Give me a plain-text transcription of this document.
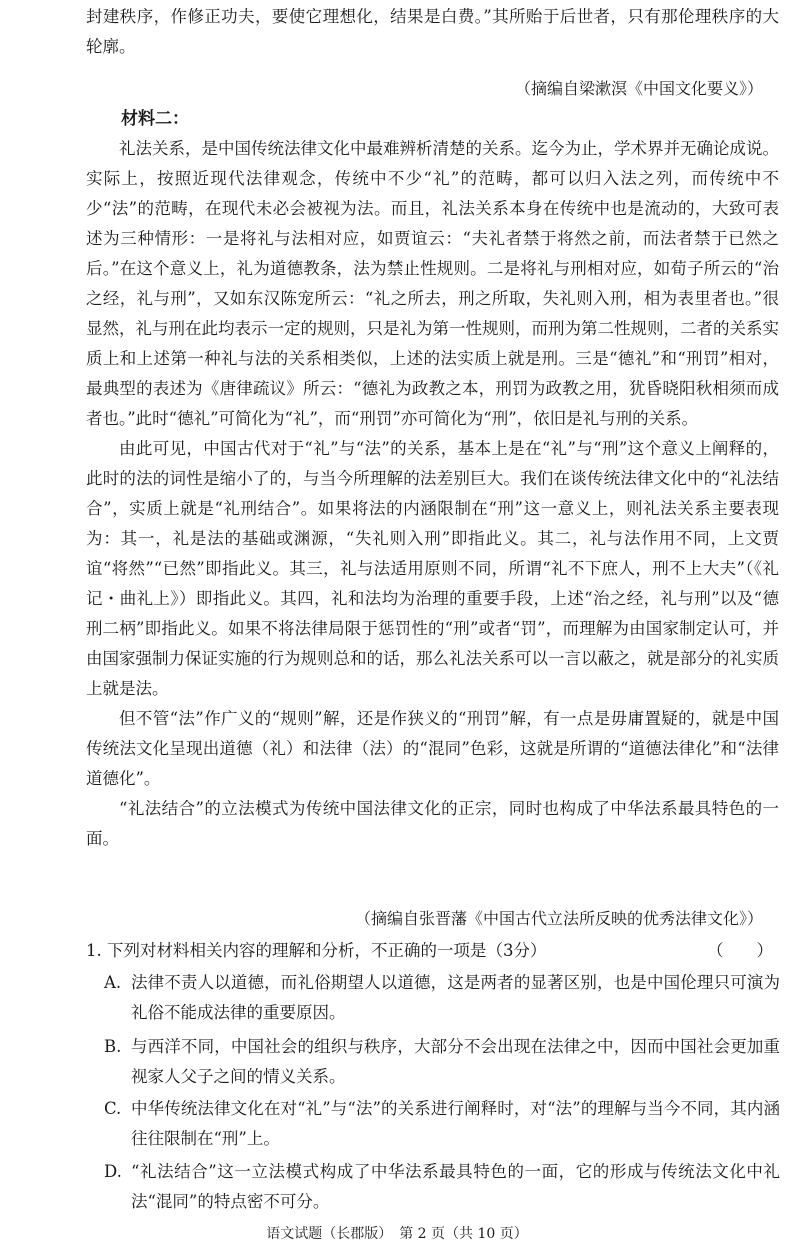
封建秩序，作修正功夫，要使它理想化，结果是白费。”其所贻于后世者，只有那伦理秩序的大轮廓。

（摘编自梁漱溟《中国文化要义》）
材料二：

礼法关系，是中国传统法律文化中最难辨析清楚的关系。迄今为止，学术界并无确论成说。实际上，按照近现代法律观念，传统中不少“礼”的范畴，都可以归入法之列，而传统中不少“法”的范畴，在现代未必会被视为法。而且，礼法关系本身在传统中也是流动的，大致可表述为三种情形：一是将礼与法相对应，如贾谊云：“夫礼者禁于将然之前，而法者禁于已然之后。”在这个意义上，礼为道德教条，法为禁止性规则。二是将礼与刑相对应，如荀子所云的“治之经，礼与刑”，又如东汉陈宠所云：“礼之所去，刑之所取，失礼则入刑，相为表里者也。”很显然，礼与刑在此均表示一定的规则，只是礼为第一性规则，而刑为第二性规则，二者的关系实质上和上述第一种礼与法的关系相类似，上述的法实质上就是刑。三是“德礼”和“刑罚”相对，最典型的表述为《唐律疏议》所云：“德礼为政教之本，刑罚为政教之用，犹昏晓阳秋相须而成者也。”此时“德礼”可简化为“礼”，而“刑罚”亦可简化为“刑”，依旧是礼与刑的关系。

由此可见，中国古代对于“礼”与“法”的关系，基本上是在“礼”与“刑”这个意义上阐释的，此时的法的词性是缩小了的，与当今所理解的法差别巨大。我们在谈传统法律文化中的“礼法结合”，实质上就是“礼刑结合”。如果将法的内涵限制在“刑”这一意义上，则礼法关系主要表现为：其一，礼是法的基础或渊源，“失礼则入刑”即指此义。其二，礼与法作用不同，上文贾谊“将然”“已然”即指此义。其三，礼与法适用原则不同，所谓“礼不下庶人，刑不上大夫”（《礼记・曲礼上》）即指此义。其四，礼和法均为治理的重要手段，上述“治之经，礼与刑”以及“德刑二柄”即指此义。如果不将法律局限于惩罚性的“刑”或者“罚”，而理解为由国家制定认可，并由国家强制力保证实施的行为规则总和的话，那么礼法关系可以一言以蔽之，就是部分的礼实质上就是法。

但不管“法”作广义的“规则”解，还是作狭义的“刑罚”解，有一点是毋庸置疑的，就是中国传统法文化呈现出道德（礼）和法律（法）的“混同”色彩，这就是所谓的“道德法律化”和“法律道德化”。

“礼法结合”的立法模式为传统中国法律文化的正宗，同时也构成了中华法系最具特色的一面。

（摘编自张晋藩《中国古代立法所反映的优秀法律文化》）
1. 下列对材料相关内容的理解和分析，不正确的一项是（3分）	（　　）
A. 法律不责人以道德，而礼俗期望人以道德，这是两者的显著区别，也是中国伦理只可演为礼俗不能成法律的重要原因。
B. 与西洋不同，中国社会的组织与秩序，大部分不会出现在法律之中，因而中国社会更加重视家人父子之间的情义关系。
C. 中华传统法律文化在对“礼”与“法”的关系进行阐释时，对“法”的理解与当今不同，其内涵往往限制在“刑”上。
D. “礼法结合”这一立法模式构成了中华法系最具特色的一面，它的形成与传统法文化中礼法“混同”的特点密不可分。
语文试题（长郡版）　第 2 页（共 10 页）
